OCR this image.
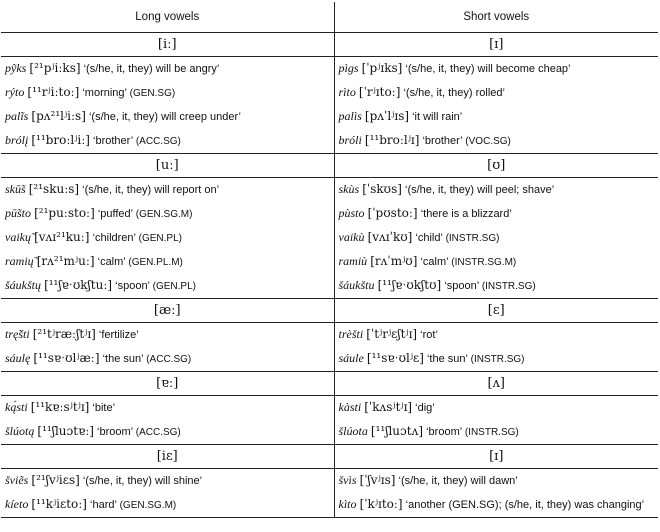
Long vowels	Short vowels
[iː]	[ɪ]
pỹks [²¹pʲiːks] ‘(s/he, it, they) will be angry’	pìgs [ˈpʲɪks] ‘(s/he, it, they) will become cheap’
rýto [¹¹rʲiːtoː] ‘morning’ (GEN.SG)	rìto [ˈrʲɪtoː] ‘(s/he, it, they) rolled’
palĩs [pʌ²¹lʲiːs] ‘(s/he, it, they) will creep under’	palìs [pʌˈlʲɪs] ‘it will rain’
brólį [¹¹broːlʲiː] ‘brother’ (ACC.SG)	bróli [¹¹broːlʲɪ] ‘brother’ (VOC.SG)
[uː]	[ʊ]
skū̃s [²¹skuːs] ‘(s/he, it, they) will report on’	skùs [ˈskʊs] ‘(s/he, it, they) will peel; shave’
pū̃sto [²¹puːstoː] ‘puffed’ (GEN.SG.M)	pùsto [ˈpʊstoː] ‘there is a blizzard’
vaikų̃ [vʌɪ²¹kuː] ‘children’ (GEN.PL)	vaikù [vʌɪˈkʊ] ‘child’ (INSTR.SG)
ramių̃ [rʌ²¹mʲuː] ‘calm’ (GEN.PL.M)	ramiù [rʌˈmʲʊ] ‘calm’ (INSTR.SG.M)
šáukštų [¹¹ʃɐˑʊkʃtuː] ‘spoon’ (GEN.PL)	šáukštu [¹¹ʃɐˑʊkʃtʊ] ‘spoon’ (INSTR.SG)
[æː]	[ɛ]
trę̃šti [²¹tʲræːʃtʲɪ] ‘fertilize’	trèšti [ˈtʲrʲɛʃtʲɪ] ‘rot’
sáulę [¹¹sɐˑʊlʲæː] ‘the sun’ (ACC.SG)	sáule [¹¹sɐˑʊlʲɛ] ‘the sun’ (INSTR.SG)
[ɐː]	[ʌ]
ką́sti [¹¹kɐːsʲtʲɪ] ‘bite’	kàsti [ˈkʌsʲtʲɪ] ‘dig’
šlúotą [¹¹ʃluɔtɐː] ‘broom’ (ACC.SG)	šlúota [¹¹ʃluɔtʌ] ‘broom’ (INSTR.SG)
[iɛ]	[ɪ]
šviẽs [²¹ʃvʲiɛs] ‘(s/he, it, they) will shine’	švìs [ˈʃvʲɪs] ‘(s/he, it, they) will dawn’
kíeto [¹¹kʲiɛtoː] ‘hard’ (GEN.SG.M)	kìto [ˈkʲɪtoː] ‘another (GEN.SG); (s/he, it, they) was changing’
